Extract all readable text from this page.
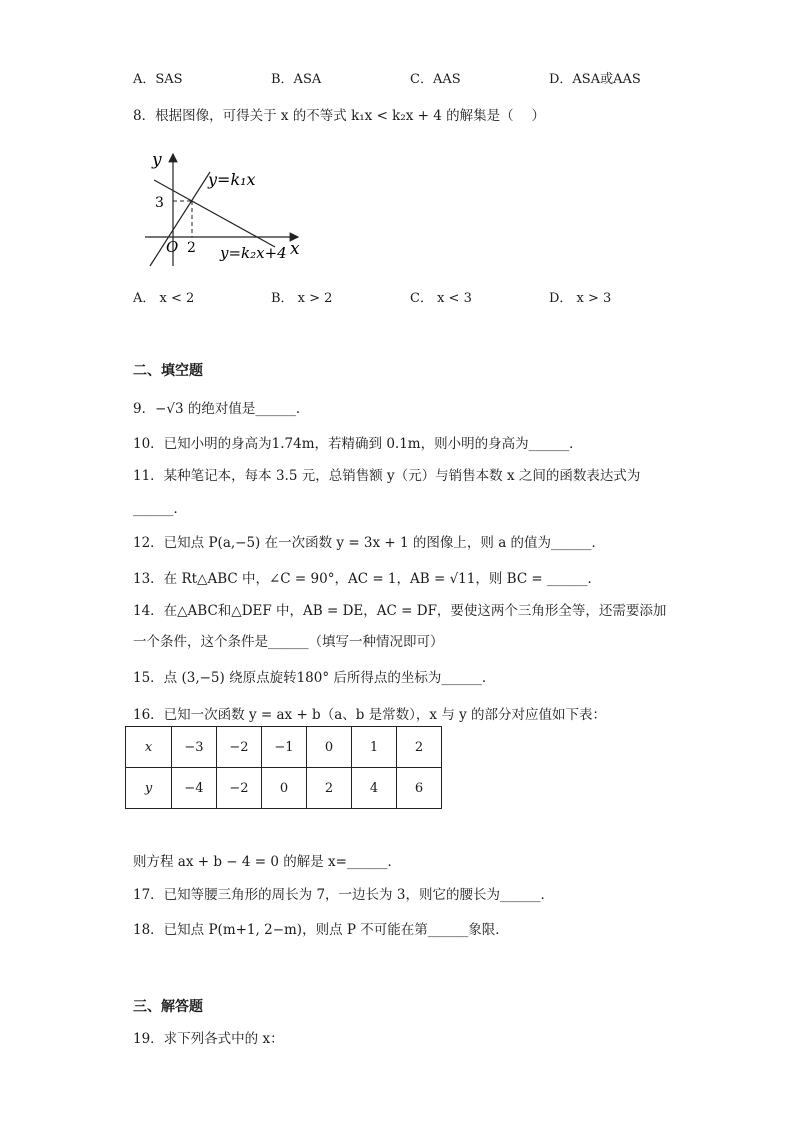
A．SAS	B．ASA	C．AAS	D．ASA或AAS
8．根据图像，可得关于 x 的不等式 k₁x < k₂x + 4 的解集是（　 ）
y
x
O
3
2
y=k₁x
y=k₂x+4
A． x < 2	B． x > 2	C． x < 3	D． x > 3
二、填空题
9．−√3 的绝对值是______．
10．已知小明的身高为1.74m，若精确到 0.1m，则小明的身高为______．
11．某种笔记本，每本 3.5 元，总销售额 y（元）与销售本数 x 之间的函数表达式为
______．
12．已知点 P(a,−5) 在一次函数 y = 3x + 1 的图像上，则 a 的值为______．
13．在 Rt△ABC 中，∠C = 90°，AC = 1，AB = √11，则 BC = ______．
14．在△ABC和△DEF 中，AB = DE，AC = DF，要使这两个三角形全等，还需要添加
一个条件，这个条件是______（填写一种情况即可）
15．点 (3,−5) 绕原点旋转180° 后所得点的坐标为______．
16．已知一次函数 y = ax + b（a、b 是常数），x 与 y 的部分对应值如下表：
x	−3	−2	−1	0	1	2
y	−4	−2	0	2	4	6
则方程 ax + b − 4 = 0 的解是 x=______．
17．已知等腰三角形的周长为 7，一边长为 3，则它的腰长为______．
18．已知点 P(m+1, 2−m)，则点 P 不可能在第______象限．
三、解答题
19．求下列各式中的 x：
